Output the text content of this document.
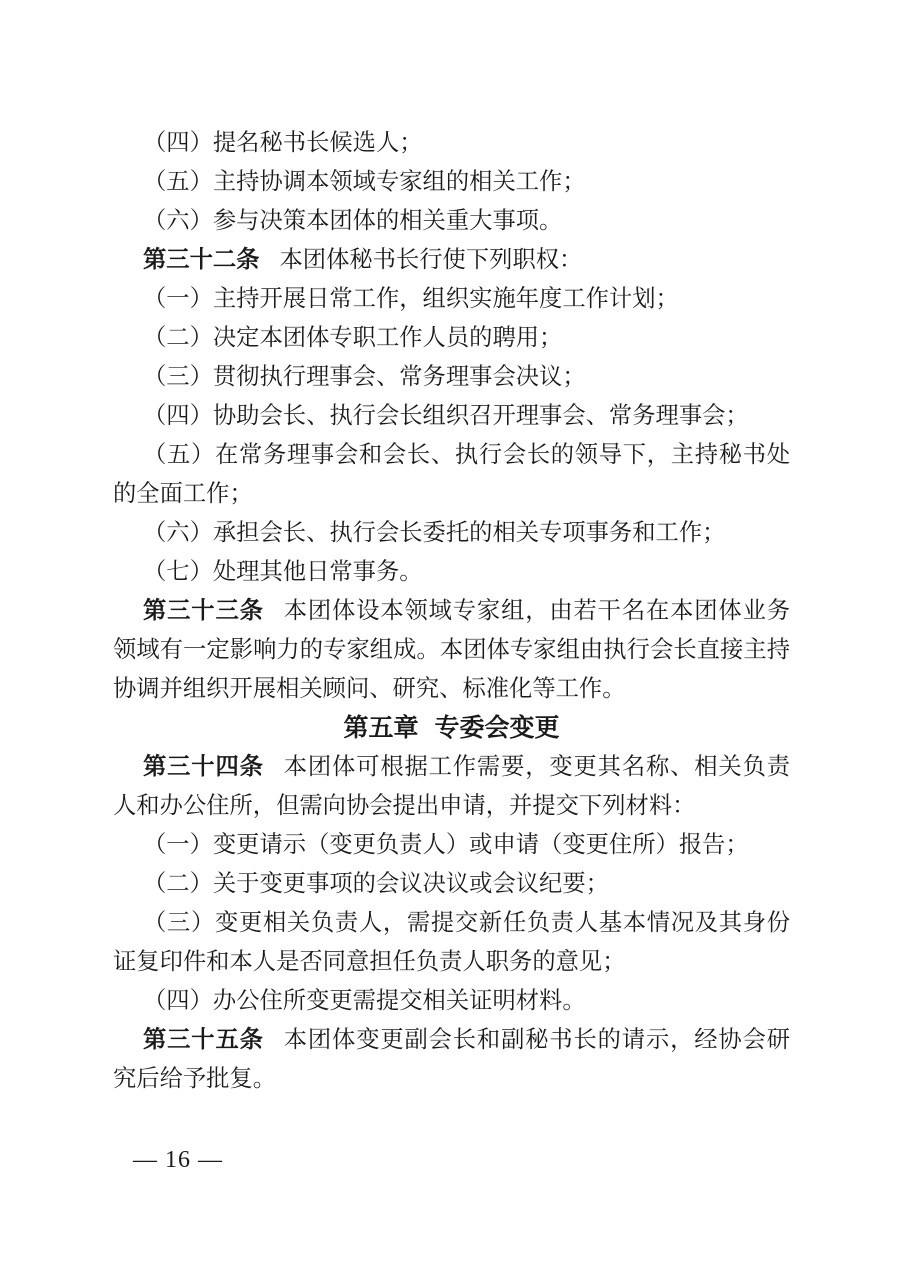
（四）提名秘书长候选人；

（五）主持协调本领域专家组的相关工作；

（六）参与决策本团体的相关重大事项。

第三十二条 本团体秘书长行使下列职权：

（一）主持开展日常工作，组织实施年度工作计划；

（二）决定本团体专职工作人员的聘用；

（三）贯彻执行理事会、常务理事会决议；

（四）协助会长、执行会长组织召开理事会、常务理事会；

（五）在常务理事会和会长、执行会长的领导下，主持秘书处的全面工作；

（六）承担会长、执行会长委托的相关专项事务和工作；

（七）处理其他日常事务。

第三十三条 本团体设本领域专家组，由若干名在本团体业务领域有一定影响力的专家组成。本团体专家组由执行会长直接主持协调并组织开展相关顾问、研究、标准化等工作。

第五章 专委会变更

第三十四条 本团体可根据工作需要，变更其名称、相关负责人和办公住所，但需向协会提出申请，并提交下列材料：

（一）变更请示（变更负责人）或申请（变更住所）报告；

（二）关于变更事项的会议决议或会议纪要；

（三）变更相关负责人，需提交新任负责人基本情况及其身份证复印件和本人是否同意担任负责人职务的意见；

（四）办公住所变更需提交相关证明材料。

第三十五条 本团体变更副会长和副秘书长的请示，经协会研究后给予批复。

— 16 —
